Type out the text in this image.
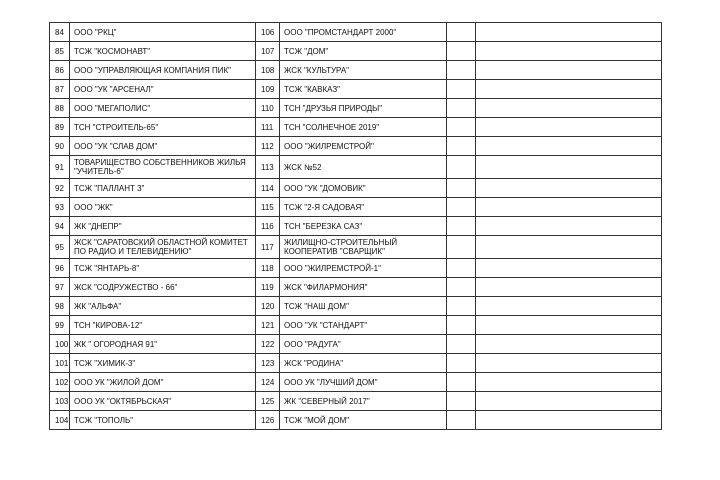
84	ООО "РКЦ"	106	ООО "ПРОМСТАНДАРТ 2000"		
85	ТСЖ "КОСМОНАВТ"	107	ТСЖ "ДОМ"		
86	ООО "УПРАВЛЯЮЩАЯ КОМПАНИЯ ПИК"	108	ЖСК "КУЛЬТУРА"		
87	ООО "УК "АРСЕНАЛ"	109	ТСЖ "КАВКАЗ"		
88	ООО "МЕГАПОЛИС"	110	ТСН "ДРУЗЬЯ ПРИРОДЫ"		
89	ТСН "СТРОИТЕЛЬ-65"	111	ТСН "СОЛНЕЧНОЕ 2019"		
90	ООО "УК "СЛАВ ДОМ"	112	ООО "ЖИЛРЕМСТРОЙ"		
91	ТОВАРИЩЕСТВО СОБСТВЕННИКОВ ЖИЛЬЯ "УЧИТЕЛЬ-6"	113	ЖСК №52		
92	ТСЖ "ПАЛЛАНТ 3"	114	ООО "УК "ДОМОВИК"		
93	ООО "ЖК"	115	ТСЖ "2-Я САДОВАЯ"		
94	ЖК "ДНЕПР"	116	ТСН "БЕРЕЗКА САЗ"		
95	ЖСК "САРАТОВСКИЙ ОБЛАСТНОЙ КОМИТЕТ ПО РАДИО И ТЕЛЕВИДЕНИЮ"	117	ЖИЛИЩНО-СТРОИТЕЛЬНЫЙ КООПЕРАТИВ "СВАРЩИК"		
96	ТСЖ "ЯНТАРЬ-8"	118	ООО "ЖИЛРЕМСТРОЙ-1"		
97	ЖСК "СОДРУЖЕСТВО - 66"	119	ЖСК "ФИЛАРМОНИЯ"		
98	ЖК "АЛЬФА"	120	ТСЖ "НАШ ДОМ"		
99	ТСН "КИРОВА-12"	121	ООО "УК "СТАНДАРТ"		
100	ЖК " ОГОРОДНАЯ 91"	122	ООО "РАДУГА"		
101	ТСЖ "ХИМИК-3"	123	ЖСК "РОДИНА"		
102	ООО УК "ЖИЛОЙ ДОМ"	124	ООО УК "ЛУЧШИЙ ДОМ"		
103	ООО УК "ОКТЯБРЬСКАЯ"	125	ЖК "СЕВЕРНЫЙ 2017"		
104	ТСЖ "ТОПОЛЬ"	126	ТСЖ "МОЙ ДОМ"		
